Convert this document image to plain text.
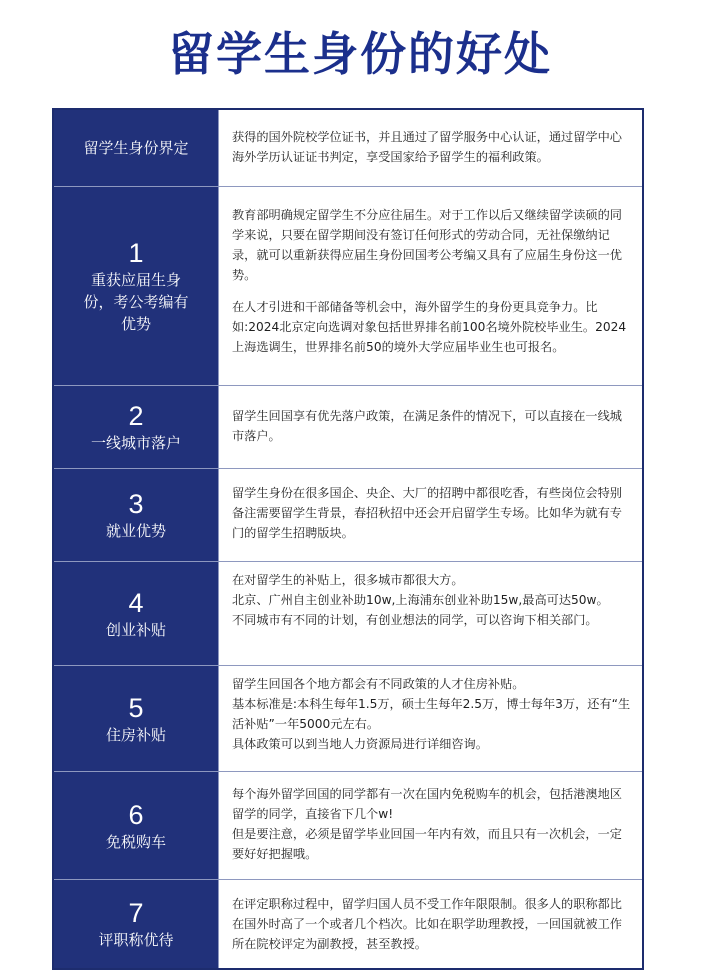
留学生身份的好处
留学生身份界定

获得的国外院校学位证书，并且通过了留学服务中心认证，通过留学中心海外学历认证证书判定，享受国家给予留学生的福利政策。

1
重获应届生身份，考公考编有优势

教育部明确规定留学生不分应往届生。对于工作以后又继续留学读硕的同学来说，只要在留学期间没有签订任何形式的劳动合同，无社保缴纳记录，就可以重新获得应届生身份回国考公考编又具有了应届生身份这一优势。

在人才引进和干部储备等机会中，海外留学生的身份更具竞争力。比如:2024北京定向选调对象包括世界排名前100名境外院校毕业生。2024上海选调生，世界排名前50的境外大学应届毕业生也可报名。

2
一线城市落户

留学生回国享有优先落户政策，在满足条件的情况下，可以直接在一线城市落户。

3
就业优势

留学生身份在很多国企、央企、大厂的招聘中都很吃香，有些岗位会特别备注需要留学生背景，春招秋招中还会开启留学生专场。比如华为就有专门的留学生招聘版块。

4
创业补贴

在对留学生的补贴上，很多城市都很大方。

北京、广州自主创业补助10w,上海浦东创业补助15w,最高可达50w。

不同城市有不同的计划，有创业想法的同学，可以咨询下相关部门。

5
住房补贴

留学生回国各个地方都会有不同政策的人才住房补贴。

基本标准是:本科生每年1.5万，硕士生每年2.5万，博士每年3万，还有“生活补贴”一年5000元左右。

具体政策可以到当地人力资源局进行详细咨询。

6
免税购车

每个海外留学回国的同学都有一次在国内免税购车的机会，包括港澳地区留学的同学，直接省下几个w!

但是要注意，必须是留学毕业回国一年内有效，而且只有一次机会，一定要好好把握哦。

7
评职称优待

在评定职称过程中，留学归国人员不受工作年限限制。很多人的职称都比在国外时高了一个或者几个档次。比如在职学助理教授，一回国就被工作所在院校评定为副教授，甚至教授。
